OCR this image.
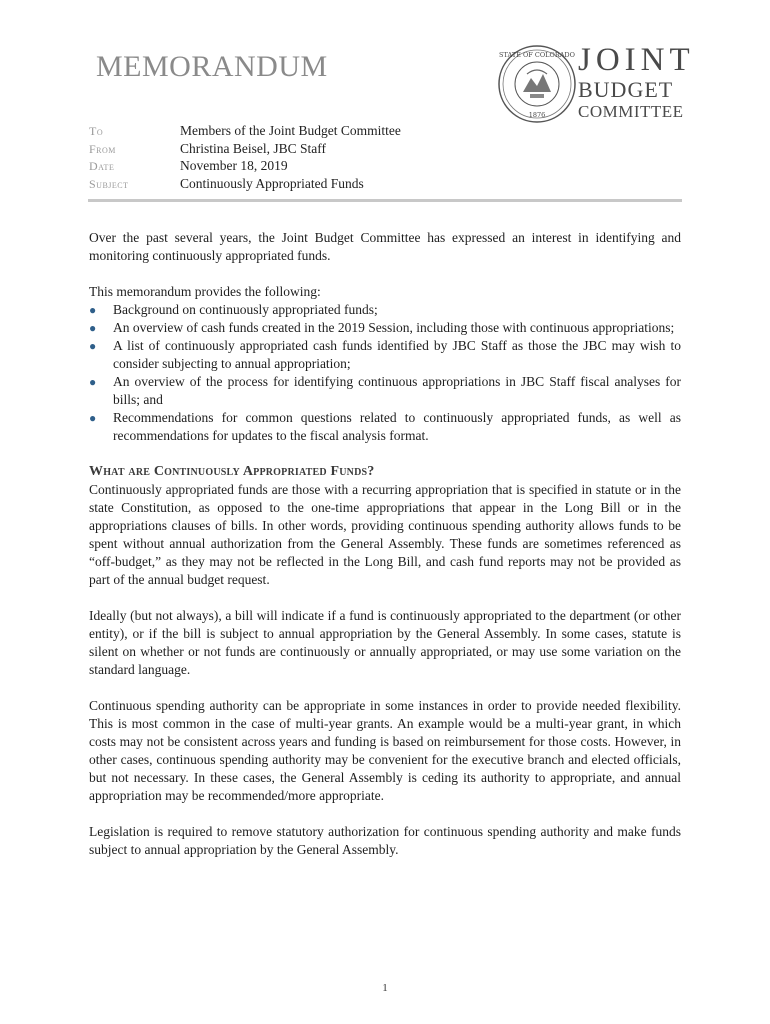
MEMORANDUM	STATE OF COLORADO
1876
JOINT
BUDGET
COMMITTEE
To	Members of the Joint Budget Committee
From	Christina Beisel, JBC Staff
Date	November 18, 2019
Subject	Continuously Appropriated Funds

Over the past several years, the Joint Budget Committee has expressed an interest in identifying and monitoring continuously appropriated funds.

This memorandum provides the following:

● Background on continuously appropriated funds;
● An overview of cash funds created in the 2019 Session, including those with continuous appropriations;
● A list of continuously appropriated cash funds identified by JBC Staff as those the JBC may wish to consider subjecting to annual appropriation;
● An overview of the process for identifying continuous appropriations in JBC Staff fiscal analyses for bills; and
● Recommendations for common questions related to continuously appropriated funds, as well as recommendations for updates to the fiscal analysis format.
What are Continuously Appropriated Funds?

Continuously appropriated funds are those with a recurring appropriation that is specified in statute or in the state Constitution, as opposed to the one-time appropriations that appear in the Long Bill or in the appropriations clauses of bills. In other words, providing continuous spending authority allows funds to be spent without annual authorization from the General Assembly. These funds are sometimes referenced as “off-budget,” as they may not be reflected in the Long Bill, and cash fund reports may not be provided as part of the annual budget request.

Ideally (but not always), a bill will indicate if a fund is continuously appropriated to the department (or other entity), or if the bill is subject to annual appropriation by the General Assembly. In some cases, statute is silent on whether or not funds are continuously or annually appropriated, or may use some variation on the standard language.

Continuous spending authority can be appropriate in some instances in order to provide needed flexibility. This is most common in the case of multi-year grants. An example would be a multi-year grant, in which costs may not be consistent across years and funding is based on reimbursement for those costs. However, in other cases, continuous spending authority may be convenient for the executive branch and elected officials, but not necessary. In these cases, the General Assembly is ceding its authority to appropriate, and annual appropriation may be recommended/more appropriate.

Legislation is required to remove statutory authorization for continuous spending authority and make funds subject to annual appropriation by the General Assembly.

1
